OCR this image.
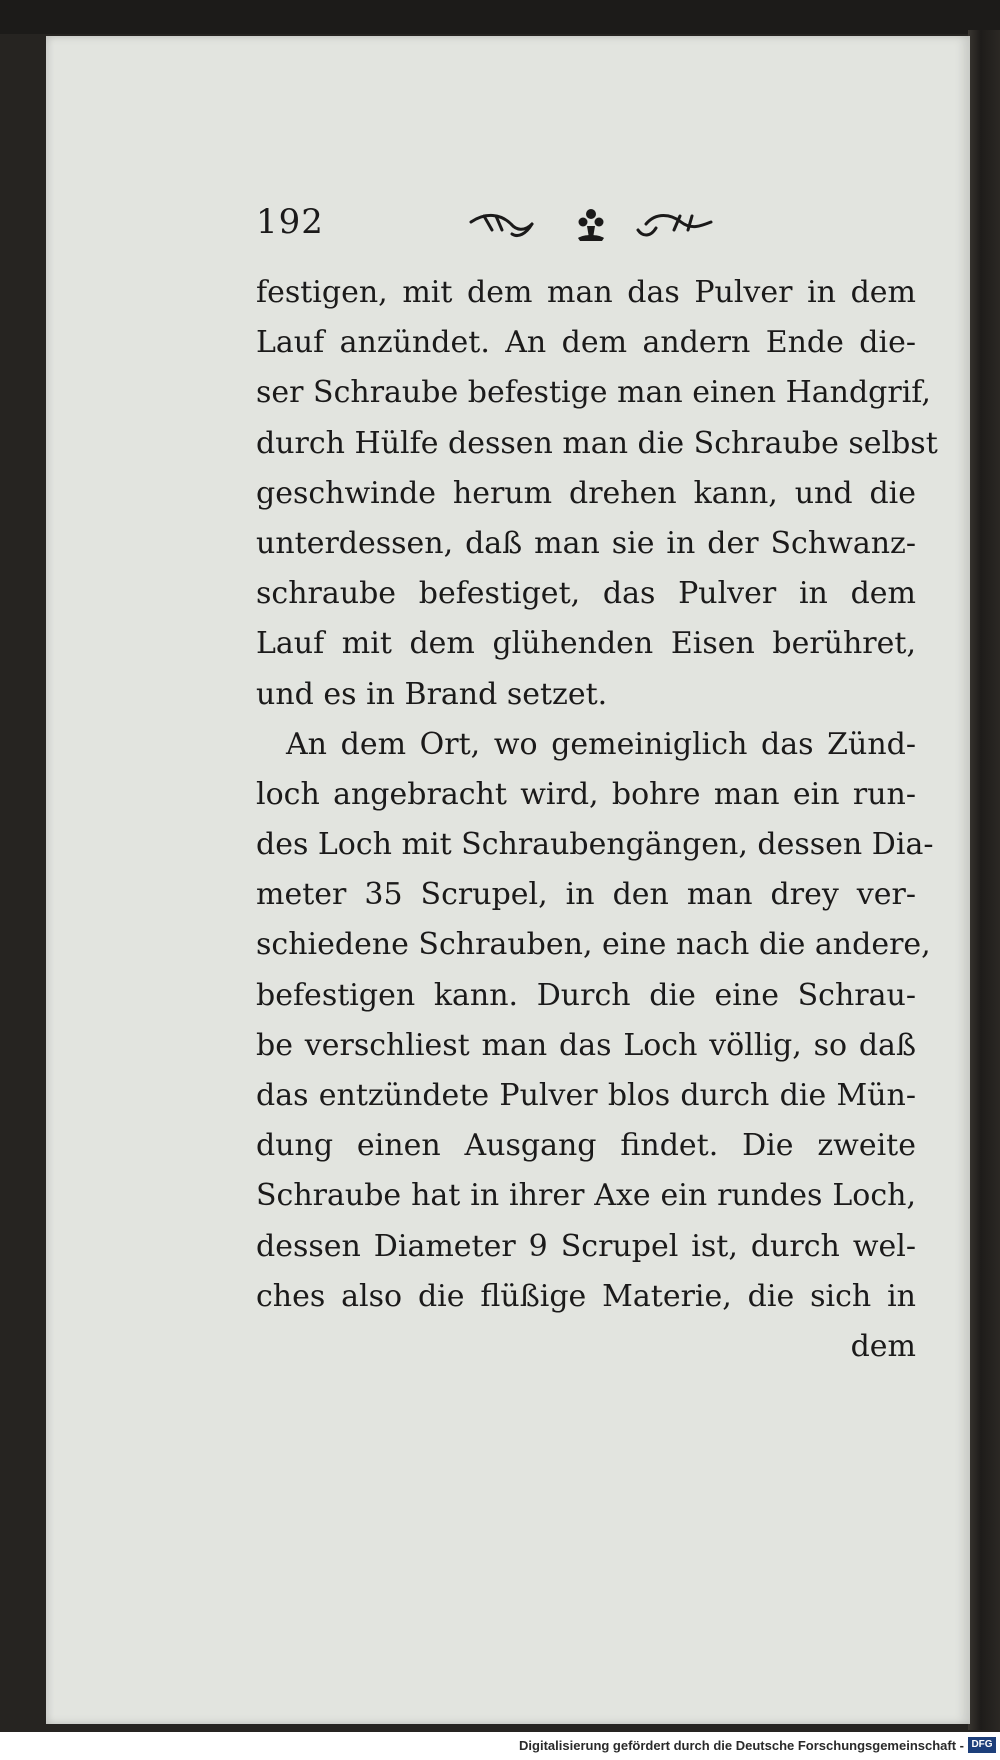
192
festigen, mit dem man das Pulver in dem
Lauf anzündet. An dem andern Ende die-
ser Schraube befestige man einen Handgrif,
durch Hülfe dessen man die Schraube selbst
geschwinde herum drehen kann, und die
unterdessen, daß man sie in der Schwanz-
schraube befestiget, das Pulver in dem
Lauf mit dem glühenden Eisen berühret,
und es in Brand setzet.
An dem Ort, wo gemeiniglich das Zünd-
loch angebracht wird, bohre man ein run-
des Loch mit Schraubengängen, dessen Dia-
meter 35 Scrupel, in den man drey ver-
schiedene Schrauben, eine nach die andere,
befestigen kann. Durch die eine Schrau-
be verschliest man das Loch völlig, so daß
das entzündete Pulver blos durch die Mün-
dung einen Ausgang findet. Die zweite
Schraube hat in ihrer Axe ein rundes Loch,
dessen Diameter 9 Scrupel ist, durch wel-
ches also die flüßige Materie, die sich in
dem
Digitalisierung gefördert durch die Deutsche Forschungsgemeinschaft - DFG
